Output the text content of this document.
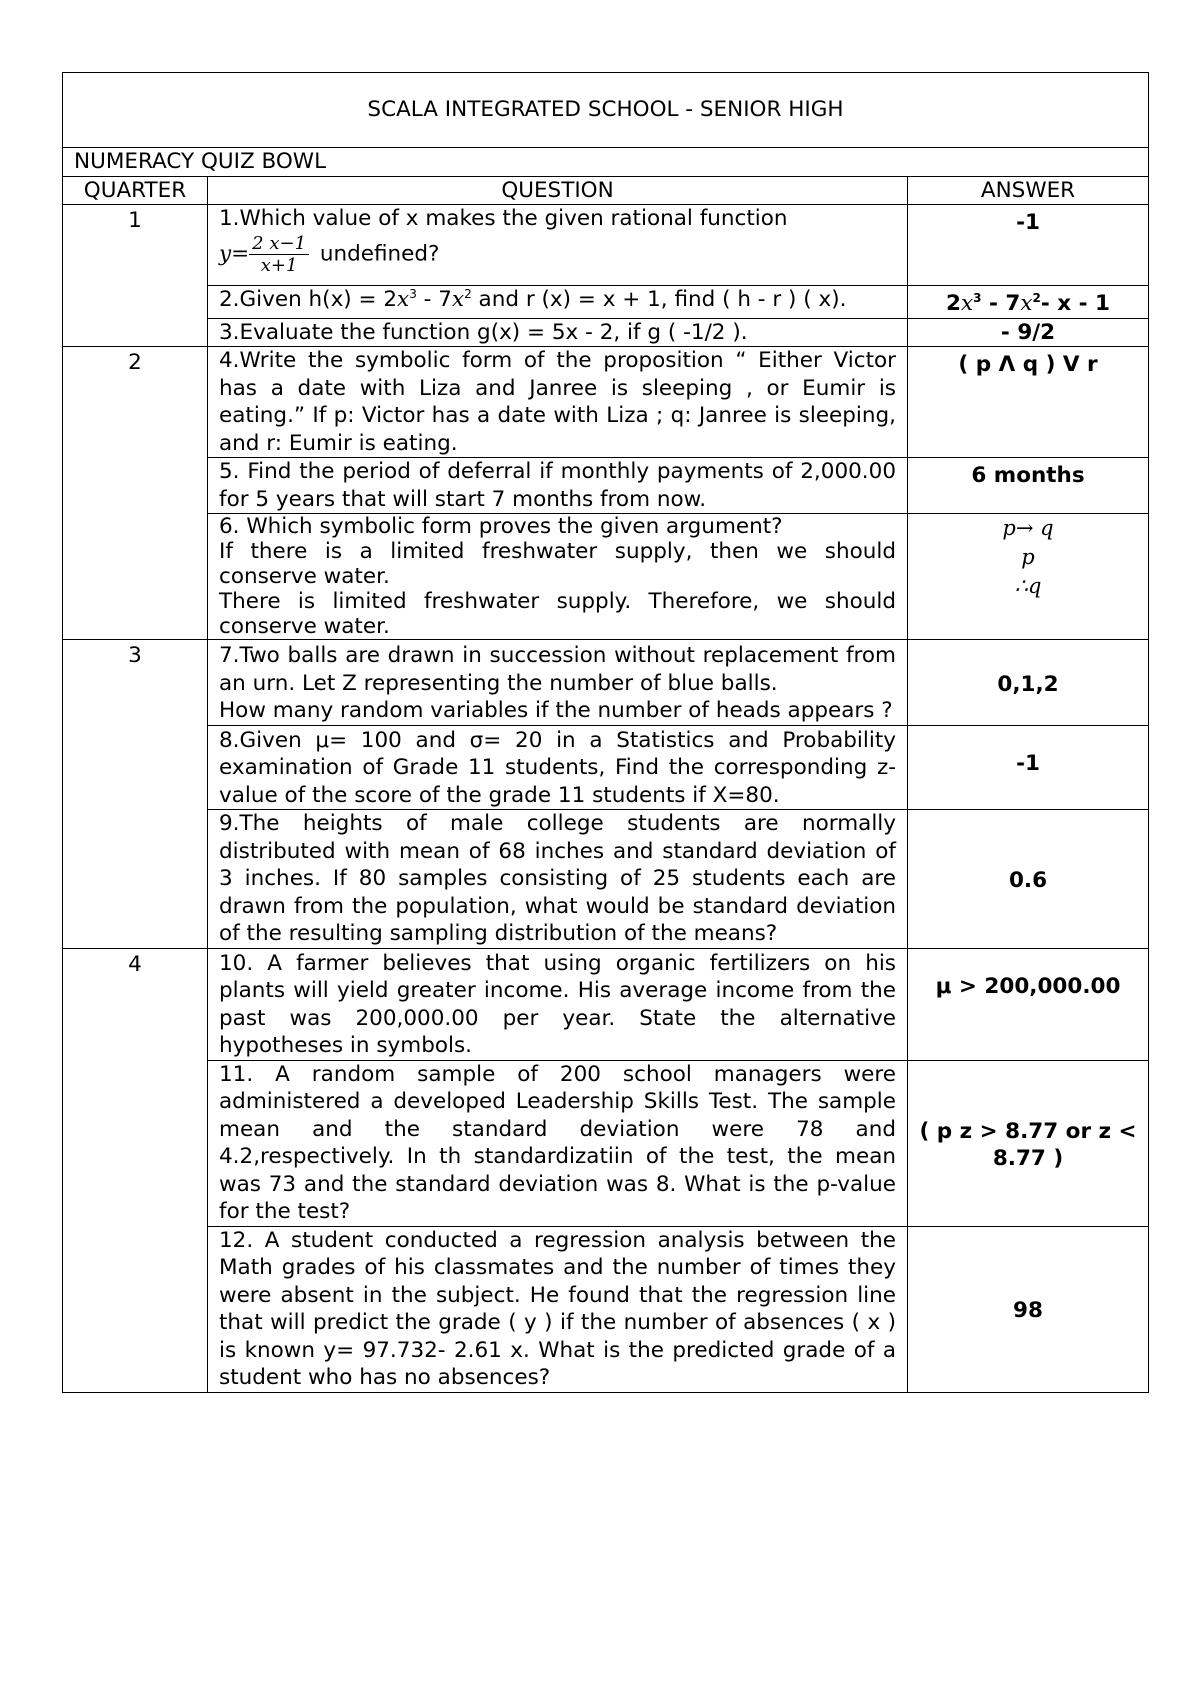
SCALA INTEGRATED SCHOOL - SENIOR HIGH		
NUMERACY QUIZ BOWL		
QUARTER	QUESTION	ANSWER
1	1.Which value of x makes the given rational function
$y= \frac{2 x-1}{x+1}$ undefined?	-1
	2.Given $h(x) = 2x^3 - 7x^2$ and r (x) = x + 1, find ( h - r ) ( x).	$2x^3 - 7x^2-$ x - 1
	3.Evaluate the function g(x) = 5x - 2, if g ( -1/2 ).	- 9/2
2	4.Write the symbolic form of the proposition “ Either Victor has a date with Liza and Janree is sleeping , or Eumir is eating.” If p: Victor has a date with Liza ; q: Janree is sleeping, and r: Eumir is eating.	( p Λ q ) V r
	5. Find the period of deferral if monthly payments of 2,000.00 for 5 years that will start 7 months from now.	6 months

	6. Which symbolic form proves the given argument?
If there is a limited freshwater supply, then we should conserve water.
There is limited freshwater supply. Therefore, we should conserve water.	p→ q
p
∴q

3	7.Two balls are drawn in succession without replacement from an urn. Let Z representing the number of blue balls.
How many random variables if the number of heads appears ?	0,1,2
	8.Given μ= 100 and σ= 20 in a Statistics and Probability examination of Grade 11 students, Find the corresponding z-value of the score of the grade 11 students if X=80.	-1
	9.The heights of male college students are normally distributed with mean of 68 inches and standard deviation of 3 inches. If 80 samples consisting of 25 students each are drawn from the population, what would be standard deviation of the resulting sampling distribution of the means?	0.6
4	10. A farmer believes that using organic fertilizers on his plants will yield greater income. His average income from the past was 200,000.00 per year. State the alternative hypotheses in symbols.	μ > 200,000.00
	11. A random sample of 200 school managers were administered a developed Leadership Skills Test. The sample mean and the standard deviation were 78 and 4.2,respectively. In th standardizatiin of the test, the mean was 73 and the standard deviation was 8. What is the p-value for the test?	( p z > 8.77 or z < 8.77 )
	12. A student conducted a regression analysis between the Math grades of his classmates and the number of times they were absent in the subject. He found that the regression line that will predict the grade ( y ) if the number of absences ( x ) is known y= 97.732- 2.61 x. What is the predicted grade of a student who has no absences?	98
